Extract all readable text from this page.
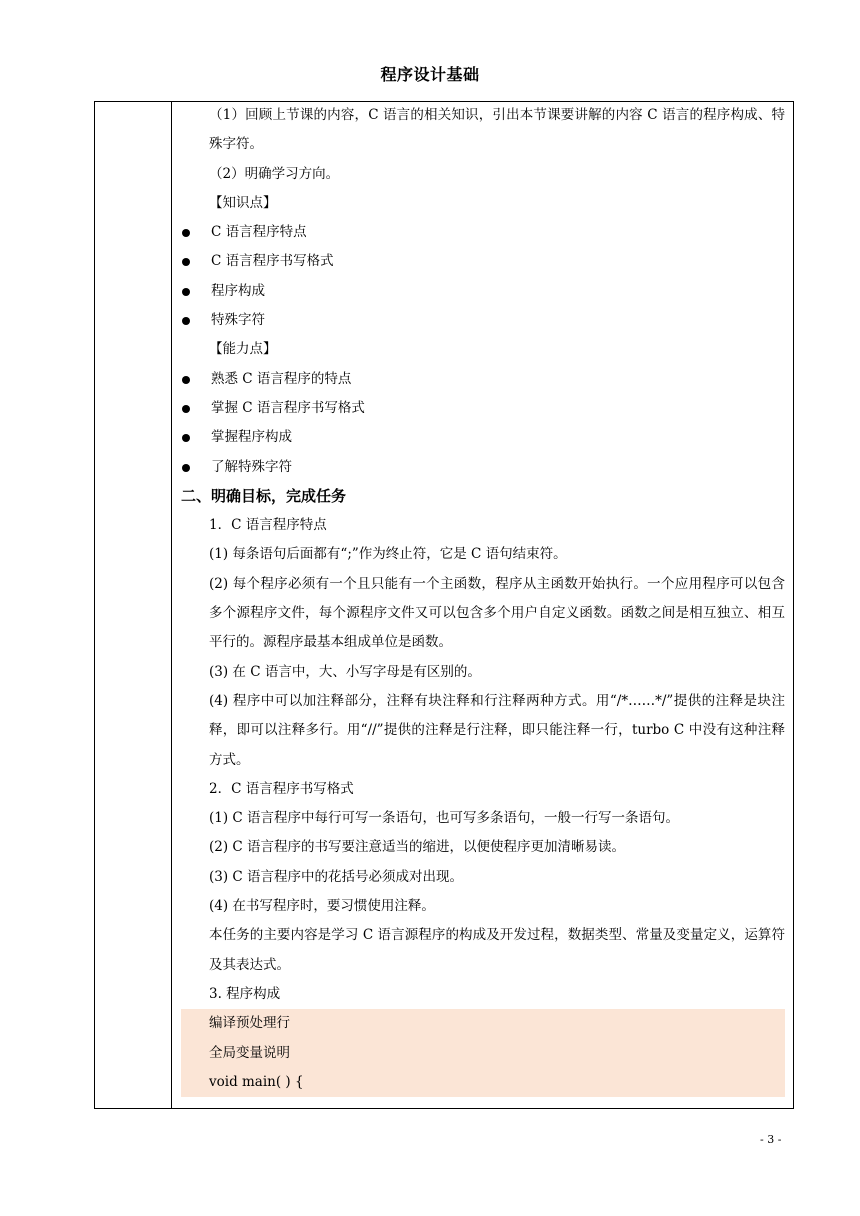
程序设计基础

（1）回顾上节课的内容，C 语言的相关知识，引出本节课要讲解的内容 C 语言的程序构成、特殊字符。

（2）明确学习方向。

【知识点】

C 语言程序特点
C 语言程序书写格式
程序构成
特殊字符

【能力点】

熟悉 C 语言程序的特点
掌握 C 语言程序书写格式
掌握程序构成
了解特殊字符
二、明确目标，完成任务

1．C 语言程序特点

(1) 每条语句后面都有“;”作为终止符，它是 C 语句结束符。

(2) 每个程序必须有一个且只能有一个主函数，程序从主函数开始执行。一个应用程序可以包含多个源程序文件，每个源程序文件又可以包含多个用户自定义函数。函数之间是相互独立、相互平行的。源程序最基本组成单位是函数。

(3) 在 C 语言中，大、小写字母是有区别的。

(4) 程序中可以加注释部分，注释有块注释和行注释两种方式。用“/*……*/”提供的注释是块注释，即可以注释多行。用“//”提供的注释是行注释，即只能注释一行，turbo C 中没有这种注释方式。

2．C 语言程序书写格式

(1) C 语言程序中每行可写一条语句，也可写多条语句，一般一行写一条语句。

(2) C 语言程序的书写要注意适当的缩进，以便使程序更加清晰易读。

(3) C 语言程序中的花括号必须成对出现。

(4) 在书写程序时，要习惯使用注释。

本任务的主要内容是学习 C 语言源程序的构成及开发过程，数据类型、常量及变量定义，运算符及其表达式。

3. 程序构成

编译预处理行
全局变量说明
void main( ) {
- 3 -
